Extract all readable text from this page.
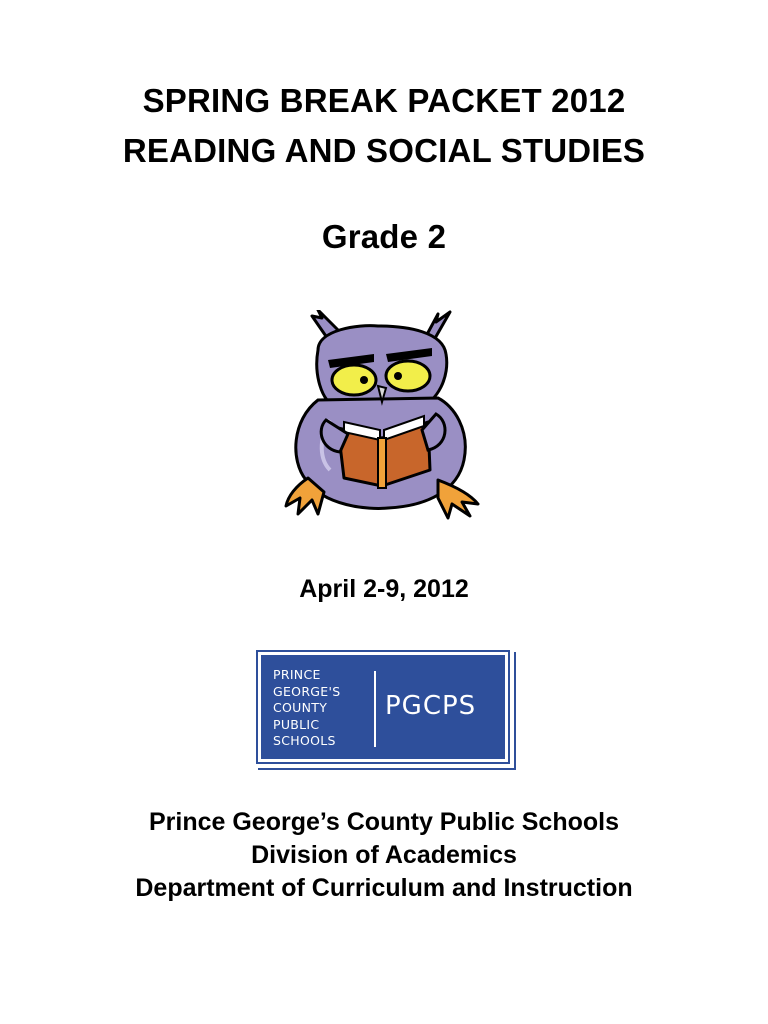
SPRING BREAK PACKET 2012
READING AND SOCIAL STUDIES
Grade 2
April 2-9, 2012
PRINCE
GEORGE'S
COUNTY
PUBLIC
SCHOOLS
PGCPS
Prince George’s County Public Schools
Division of Academics
Department of Curriculum and Instruction
